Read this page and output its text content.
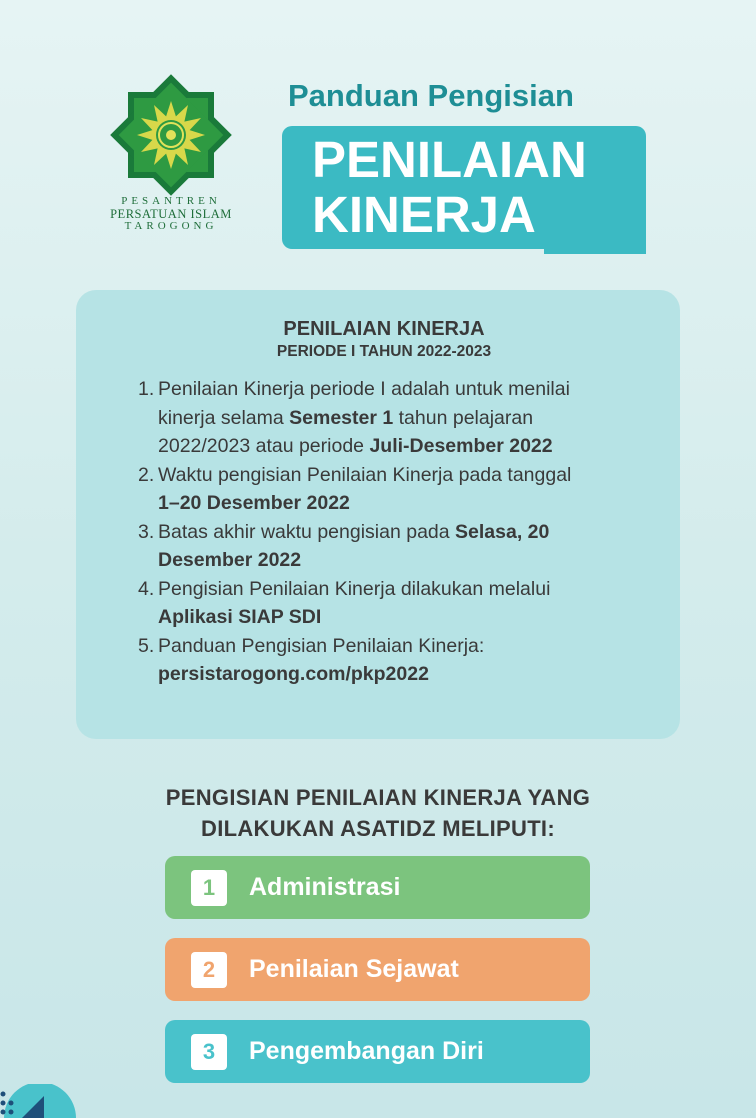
PESANTREN
PERSATUAN ISLAM
TAROGONG
Panduan Pengisian
PENILAIAN
KINERJA
PENILAIAN KINERJA
PERIODE I TAHUN 2022-2023
1. Penilaian Kinerja periode I adalah untuk menilai
kinerja selama Semester 1 tahun pelajaran
2022/2023 atau periode Juli-Desember 2022
2. Waktu pengisian Penilaian Kinerja pada tanggal
1–20 Desember 2022
3. Batas akhir waktu pengisian pada Selasa, 20
Desember 2022
4. Pengisian Penilaian Kinerja dilakukan melalui
Aplikasi SIAP SDI
5. Panduan Pengisian Penilaian Kinerja:
persistarogong.com/pkp2022
PENGISIAN PENILAIAN KINERJA YANG
DILAKUKAN ASATIDZ MELIPUTI:
1	Administrasi
2	Penilaian Sejawat
3	Pengembangan Diri
